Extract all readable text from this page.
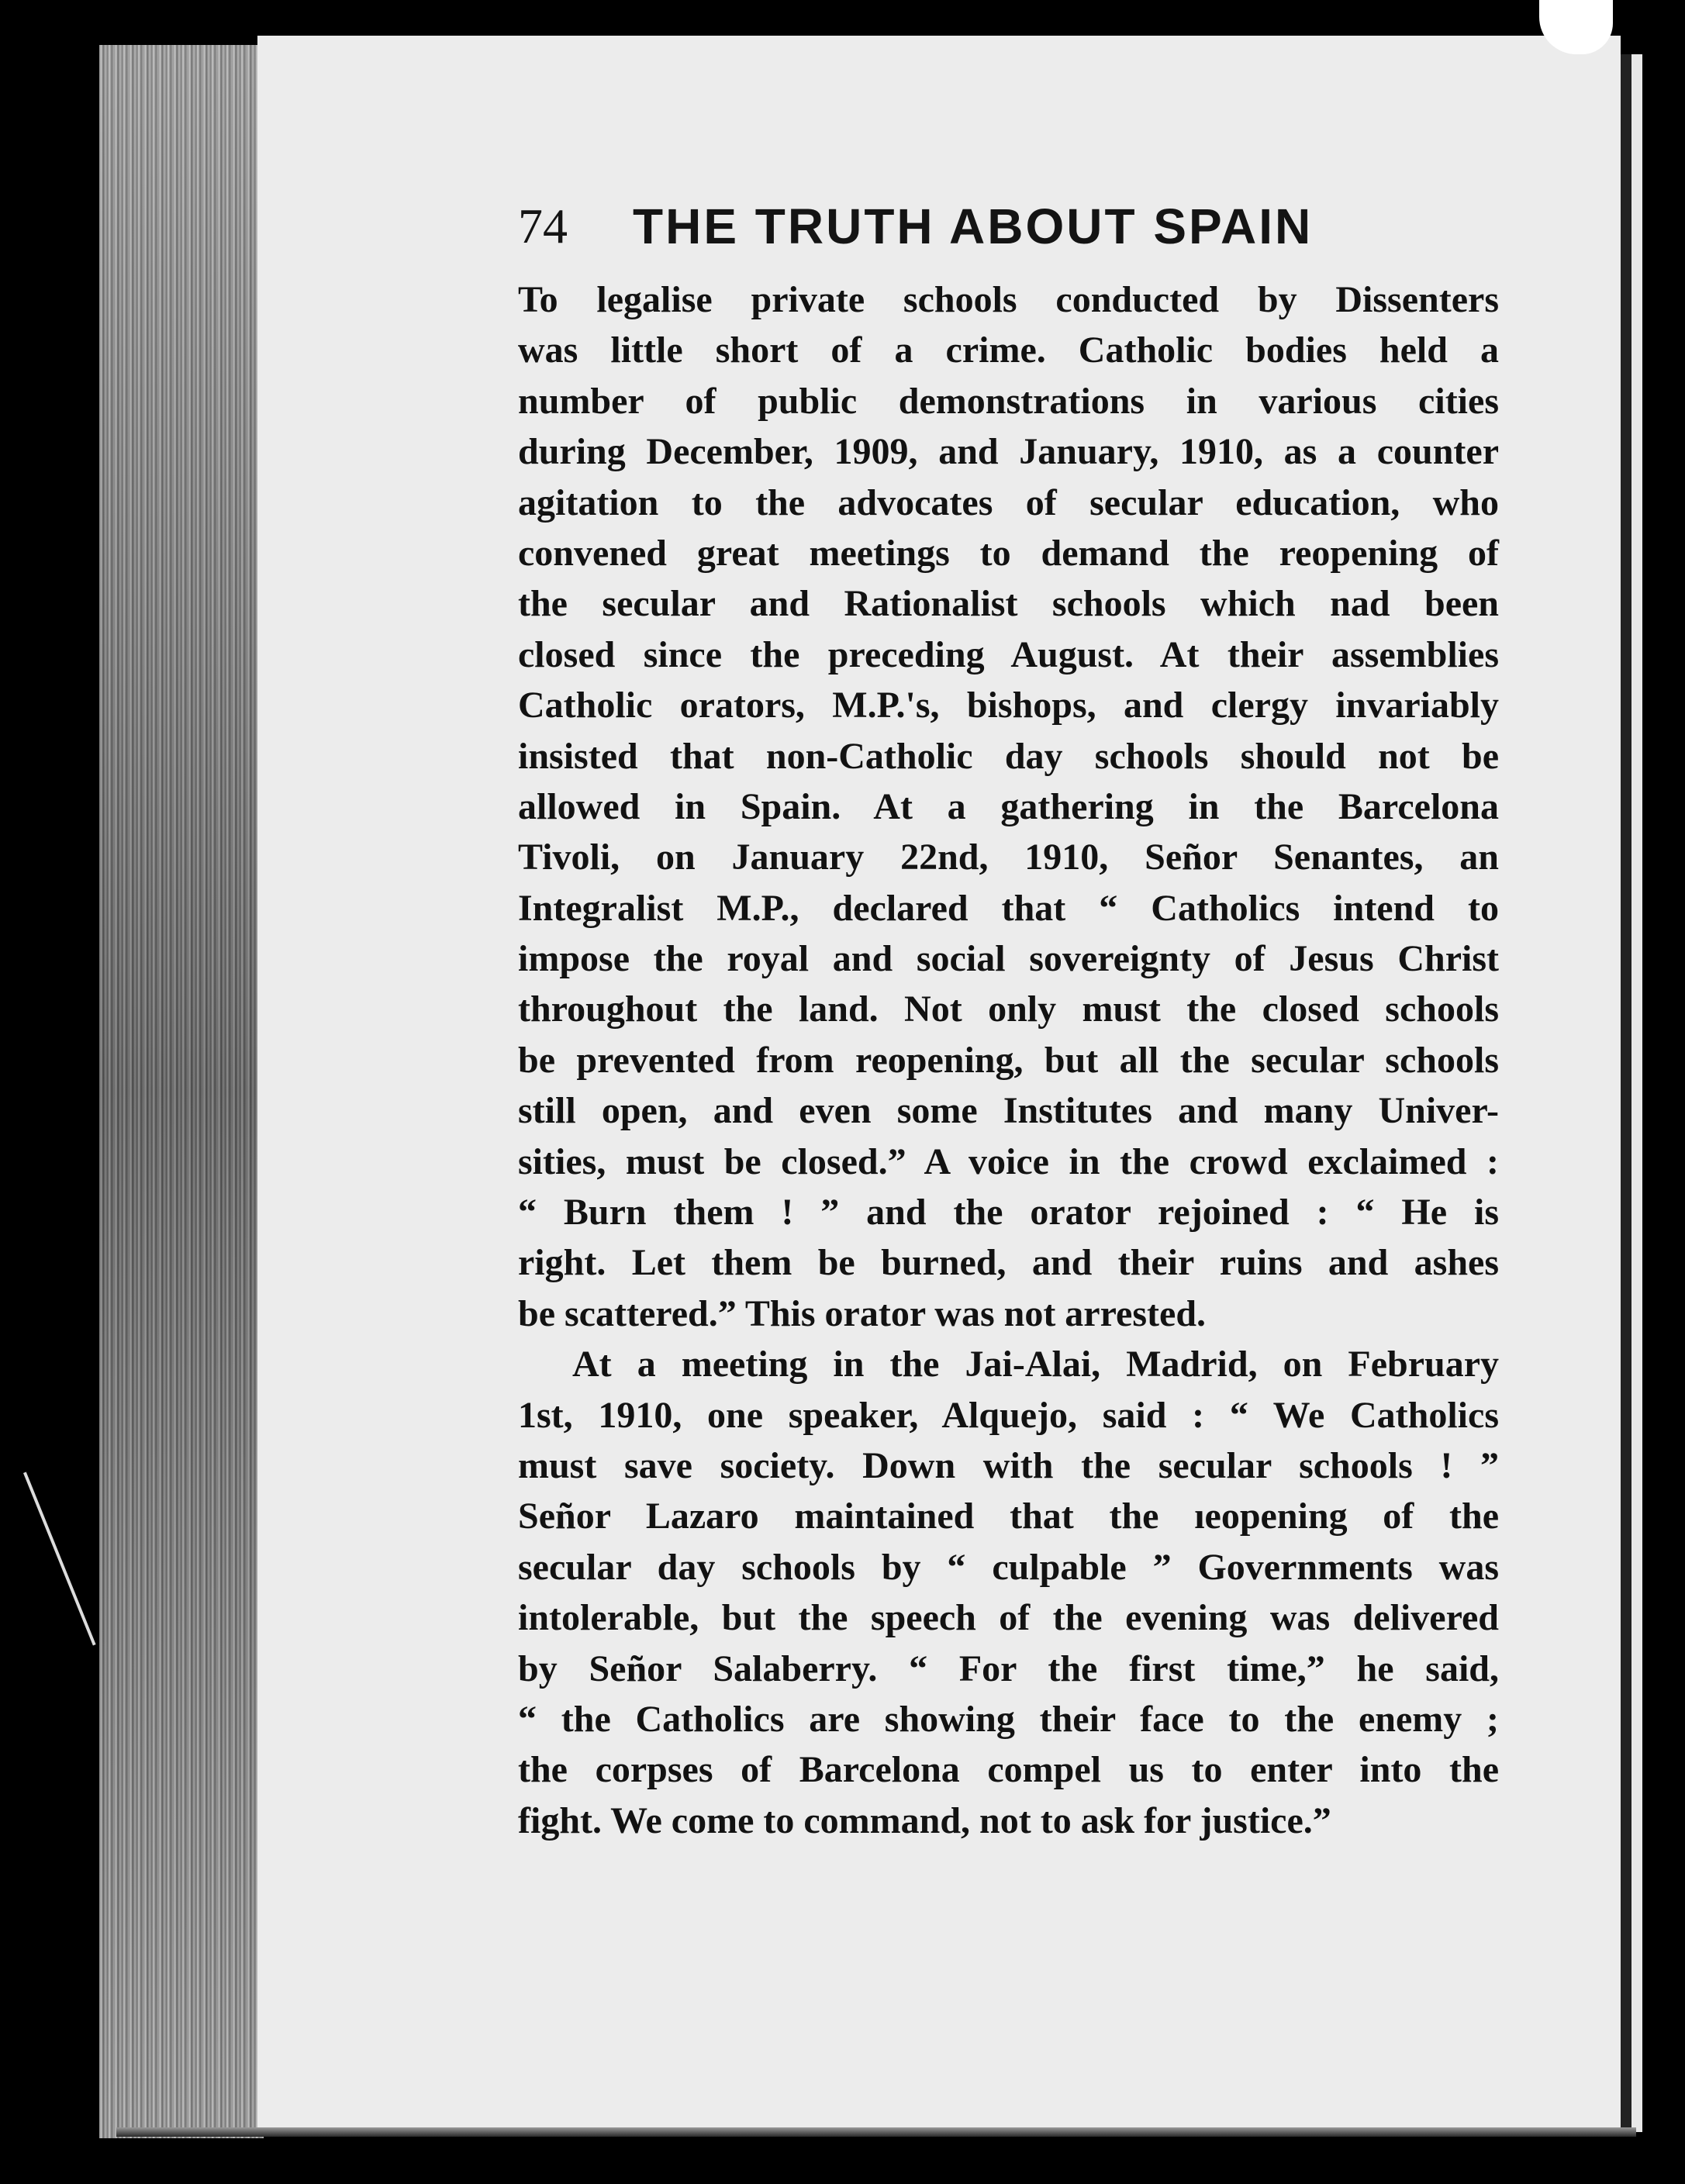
74 THE TRUTH ABOUT SPAIN
To legalise private schools conducted by Dissenters
was little short of a crime. Catholic bodies held a
number of public demonstrations in various cities
during December, 1909, and January, 1910, as a counter
agitation to the advocates of secular education, who
convened great meetings to demand the reopening of
the secular and Rationalist schools which nad been
closed since the preceding August. At their assemblies
Catholic orators, M.P.'s, bishops, and clergy invariably
insisted that non-Catholic day schools should not be
allowed in Spain. At a gathering in the Barcelona
Tivoli, on January 22nd, 1910, Señor Senantes, an
Integralist M.P., declared that “ Catholics intend to
impose the royal and social sovereignty of Jesus Christ
throughout the land. Not only must the closed schools
be prevented from reopening, but all the secular schools
still open, and even some Institutes and many Univer-
sities, must be closed.” A voice in the crowd exclaimed :
“ Burn them ! ” and the orator rejoined : “ He is
right. Let them be burned, and their ruins and ashes
be scattered.” This orator was not arrested.
At a meeting in the Jai-Alai, Madrid, on February
1st, 1910, one speaker, Alquejo, said : “ We Catholics
must save society. Down with the secular schools ! ”
Señor Lazaro maintained that the ıeopening of the
secular day schools by “ culpable ” Governments was
intolerable, but the speech of the evening was delivered
by Señor Salaberry. “ For the first time,” he said,
“ the Catholics are showing their face to the enemy ;
the corpses of Barcelona compel us to enter into the
fight. We come to command, not to ask for justice.”
